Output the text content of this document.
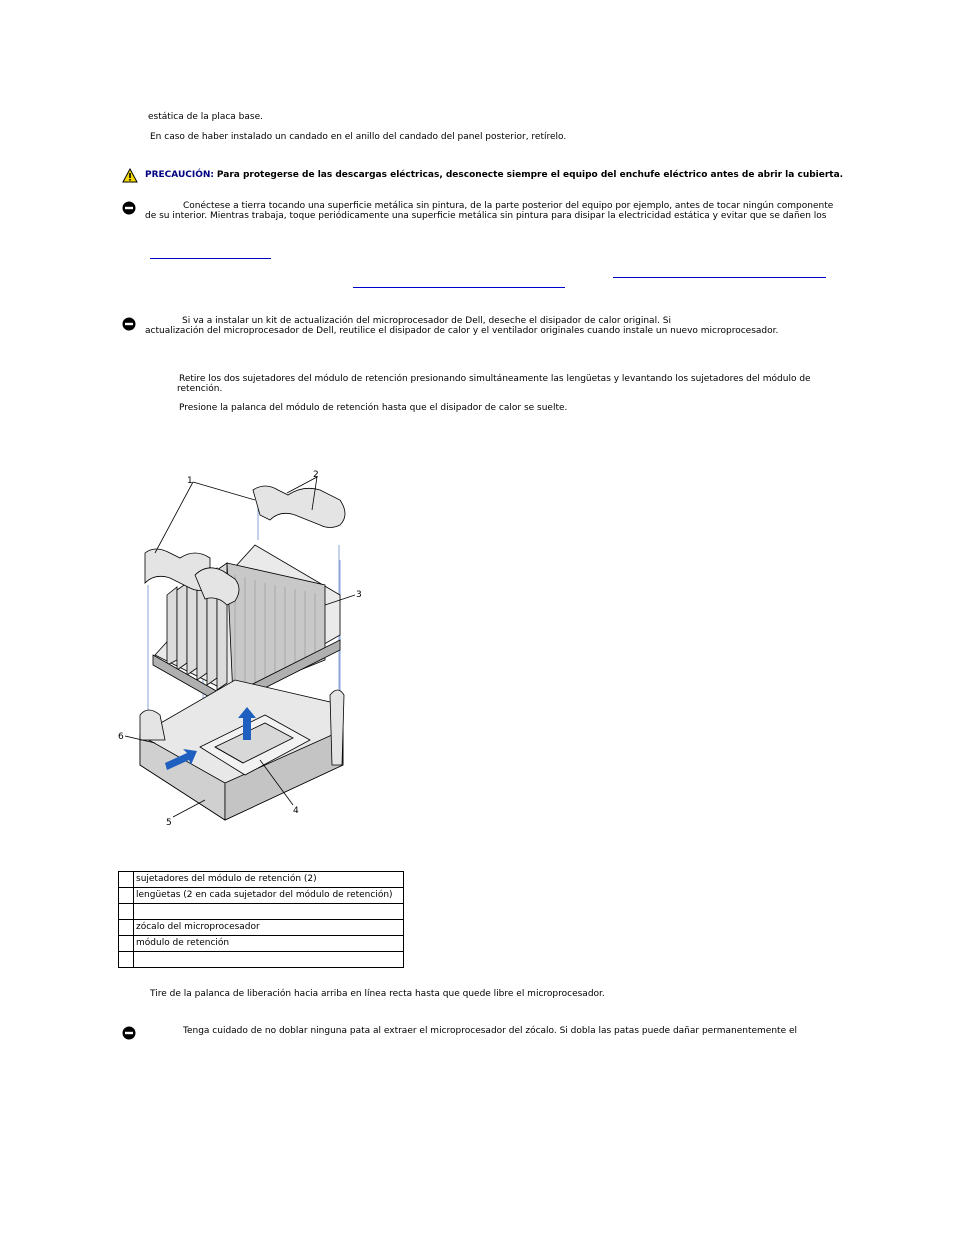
estática de la placa base.
En caso de haber instalado un candado en el anillo del candado del panel posterior, retírelo.
PRECAUCIÓN: Para protegerse de las descargas eléctricas, desconecte siempre el equipo del enchufe eléctrico antes de abrir la cubierta.
Conéctese a tierra tocando una superficie metálica sin pintura, de la parte posterior del equipo por ejemplo, antes de tocar ningún componente
de su interior. Mientras trabaja, toque periódicamente una superficie metálica sin pintura para disipar la electricidad estática y evitar que se dañen los
Si va a instalar un kit de actualización del microprocesador de Dell, deseche el disipador de calor original. Si
actualización del microprocesador de Dell, reutilice el disipador de calor y el ventilador originales cuando instale un nuevo microprocesador.
Retire los dos sujetadores del módulo de retención presionando simultáneamente las lengüetas y levantando los sujetadores del módulo de
retención.
Presione la palanca del módulo de retención hasta que el disipador de calor se suelte.
1
2
3
4
5
6
	sujetadores del módulo de retención (2)
	lengüetas (2 en cada sujetador del módulo de retención)

	zócalo del microprocesador
	módulo de retención

Tire de la palanca de liberación hacia arriba en línea recta hasta que quede libre el microprocesador.
Tenga cuidado de no doblar ninguna pata al extraer el microprocesador del zócalo. Si dobla las patas puede dañar permanentemente el
